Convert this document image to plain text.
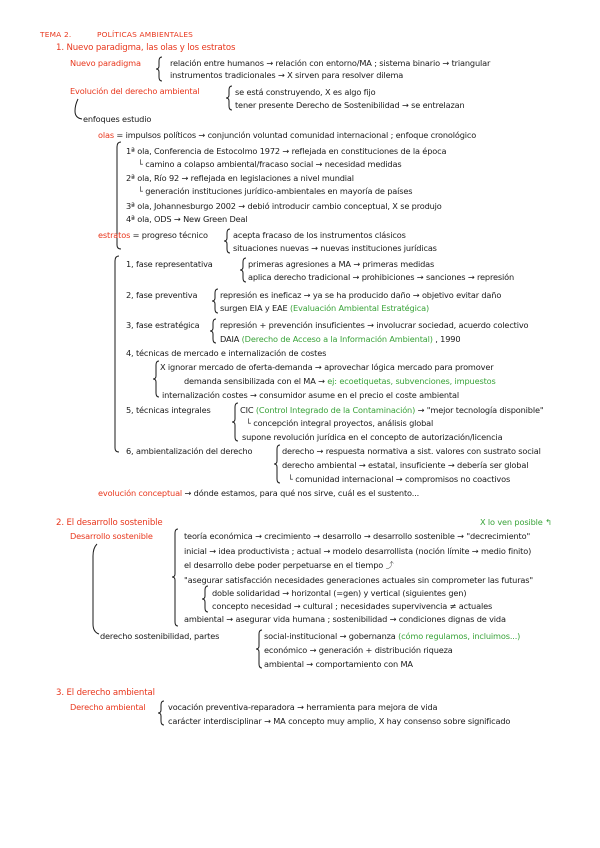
TEMA 2.	POLÍTICAS AMBIENTALES
1. Nuevo paradigma, las olas y los estratos
Nuevo paradigma	relación entre humanos → relación con entorno/MA ; sistema binario → triangular
instrumentos tradicionales → X sirven para resolver dilema
Evolución del derecho ambiental	se está construyendo, X es algo fijo
tener presente Derecho de Sostenibilidad → se entrelazan
enfoques estudio
olas = impulsos políticos → conjunción voluntad comunidad internacional ; enfoque cronológico
1ª ola, Conferencia de Estocolmo 1972 → reflejada en constituciones de la época
└ camino a colapso ambiental/fracaso social → necesidad medidas
2ª ola, Río 92 → reflejada en legislaciones a nivel mundial
└ generación instituciones jurídico-ambientales en mayoría de países
3ª ola, Johannesburgo 2002 → debió introducir cambio conceptual, X se produjo
4ª ola, ODS → New Green Deal
estratos = progreso técnico	acepta fracaso de los instrumentos clásicos
situaciones nuevas → nuevas instituciones jurídicas
1, fase representativa	primeras agresiones a MA → primeras medidas
aplica derecho tradicional → prohibiciones → sanciones → represión
2, fase preventiva	represión es ineficaz → ya se ha producido daño → objetivo evitar daño
surgen EIA y EAE (Evaluación Ambiental Estratégica)
3, fase estratégica represión + prevención insuficientes → involucrar sociedad, acuerdo colectivo
DAIA (Derecho de Acceso a la Información Ambiental) , 1990
4, técnicas de mercado e internalización de costes
X ignorar mercado de oferta-demanda → aprovechar lógica mercado para promover
demanda sensibilizada con el MA → ej: ecoetiquetas, subvenciones, impuestos
internalización costes → consumidor asume en el precio el coste ambiental
5, técnicas integrales	CIC (Control Integrado de la Contaminación) → "mejor tecnología disponible"
└ concepción integral proyectos, análisis global
supone revolución jurídica en el concepto de autorización/licencia
6, ambientalización del derecho	derecho → respuesta normativa a sist. valores con sustrato social
derecho ambiental → estatal, insuficiente → debería ser global
└ comunidad internacional → compromisos no coactivos
evolución conceptual → dónde estamos, para qué nos sirve, cuál es el sustento...
2. El desarrollo sostenible	X lo ven posible ↰
Desarrollo sostenible	teoría económica → crecimiento → desarrollo → desarrollo sostenible → "decrecimiento"
inicial → idea productivista ; actual → modelo desarrollista (noción límite → medio finito)
el desarrollo debe poder perpetuarse en el tiempo ⤴
"asegurar satisfacción necesidades generaciones actuales sin comprometer las futuras"
doble solidaridad → horizontal (=gen) y vertical (siguientes gen)
concepto necesidad → cultural ; necesidades supervivencia ≠ actuales
ambiental → asegurar vida humana ; sostenibilidad → condiciones dignas de vida
derecho sostenibilidad, partes	social-institucional → gobernanza (cómo regulamos, incluimos...)
económico → generación + distribución riqueza
ambiental → comportamiento con MA
3. El derecho ambiental
Derecho ambiental	vocación preventiva-reparadora → herramienta para mejora de vida
carácter interdisciplinar → MA concepto muy amplio, X hay consenso sobre significado
